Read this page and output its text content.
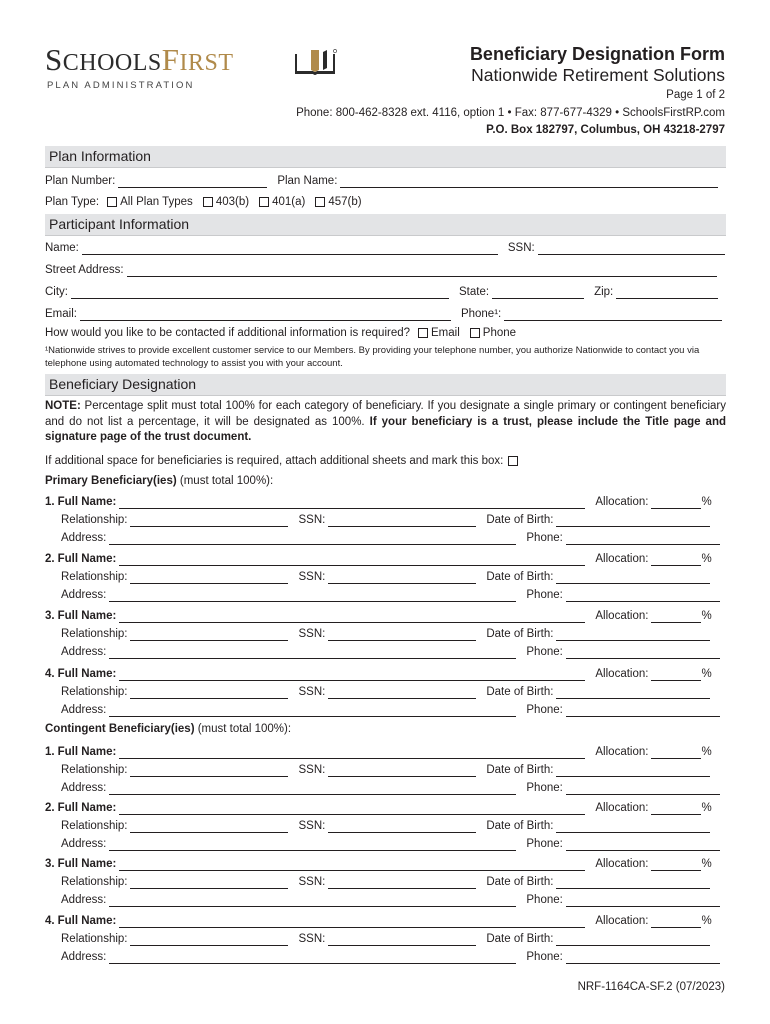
SCHOOLSFIRST
PLAN ADMINISTRATION
Beneficiary Designation Form
Nationwide Retirement Solutions
Page 1 of 2
Phone: 800-462-8328 ext. 4116, option 1 • Fax: 877-677-4329 • SchoolsFirstRP.com
P.O. Box 182797, Columbus, OH 43218-2797
Plan Information
Plan Number:	Plan Name:
Plan Type:	All Plan Types 403(b) 401(a) 457(b)
Participant Information
Name:	SSN:
Street Address:
City:	State:	Zip:
Email:	Phone¹:
How would you like to be contacted if additional information is required?	Email Phone
¹Nationwide strives to provide excellent customer service to our Members. By providing your telephone number, you authorize Nationwide to contact you via telephone using automated technology to assist you with your account.
Beneficiary Designation
NOTE: Percentage split must total 100% for each category of beneficiary. If you designate a single primary or contingent beneficiary and do not list a percentage, it will be designated as 100%. If your beneficiary is a trust, please include the Title page and signature page of the trust document.
If additional space for beneficiaries is required, attach additional sheets and mark this box:
Primary Beneficiary(ies) (must total 100%):
1. Full Name:	Allocation:	%
Relationship:	SSN:	Date of Birth:
Address:	Phone:
2. Full Name:	Allocation:	%
Relationship:	SSN:	Date of Birth:
Address:	Phone:
3. Full Name:	Allocation:	%
Relationship:	SSN:	Date of Birth:
Address:	Phone:
4. Full Name:	Allocation:	%
Relationship:	SSN:	Date of Birth:
Address:	Phone:
Contingent Beneficiary(ies) (must total 100%):
1. Full Name:	Allocation:	%
Relationship:	SSN:	Date of Birth:
Address:	Phone:
2. Full Name:	Allocation:	%
Relationship:	SSN:	Date of Birth:
Address:	Phone:
3. Full Name:	Allocation:	%
Relationship:	SSN:	Date of Birth:
Address:	Phone:
4. Full Name:	Allocation:	%
Relationship:	SSN:	Date of Birth:
Address:	Phone:
NRF-1164CA-SF.2 (07/2023)
